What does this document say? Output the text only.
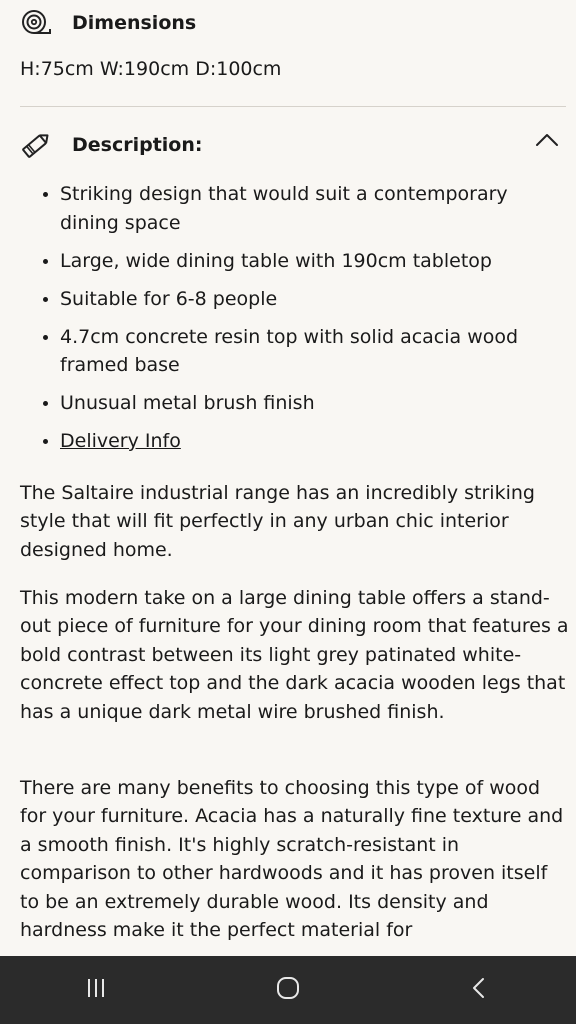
Dimensions
H:75cm W:190cm D:100cm
Description:
• Striking design that would suit a contemporary dining space
• Large, wide dining table with 190cm tabletop
• Suitable for 6-8 people
• 4.7cm concrete resin top with solid acacia wood framed base
• Unusual metal brush finish
• Delivery Info

The Saltaire industrial range has an incredibly striking style that will fit perfectly in any urban chic interior designed home.

This modern take on a large dining table offers a stand-out piece of furniture for your dining room that features a bold contrast between its light grey patinated white-concrete effect top and the dark acacia wooden legs that has a unique dark metal wire brushed finish.

There are many benefits to choosing this type of wood for your furniture. Acacia has a naturally fine texture and a smooth finish. It's highly scratch-resistant in comparison to other hardwoods and it has proven itself to be an extremely durable wood. Its density and hardness make it the perfect material for
